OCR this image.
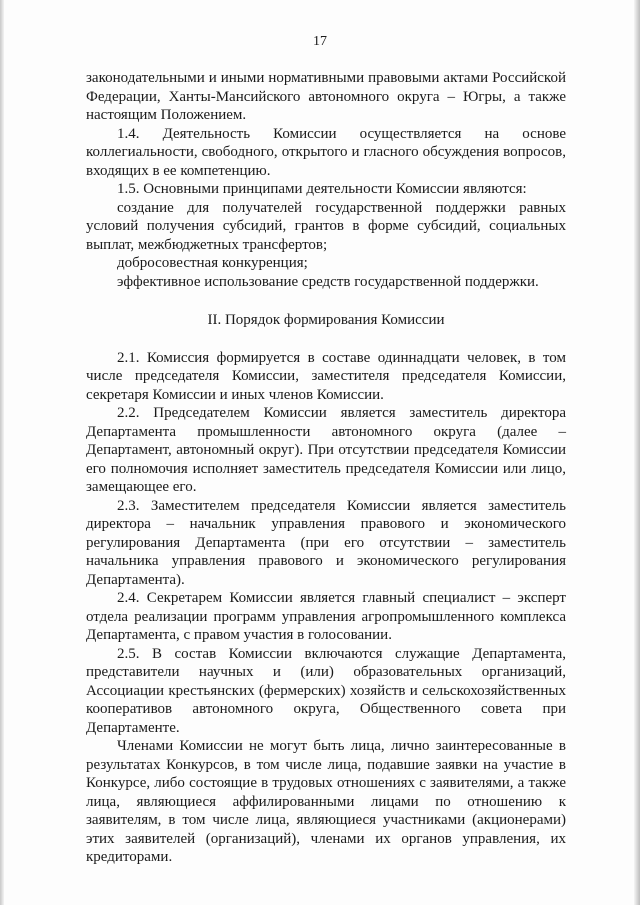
17

законодательными и иными нормативными правовыми актами Российской Федерации, Ханты-Мансийского автономного округа – Югры, а также настоящим Положением.

1.4. Деятельность Комиссии осуществляется на основе коллегиальности, свободного, открытого и гласного обсуждения вопросов, входящих в ее компетенцию.

1.5. Основными принципами деятельности Комиссии являются:

создание для получателей государственной поддержки равных условий получения субсидий, грантов в форме субсидий, социальных выплат, межбюджетных трансфертов;

добросовестная конкуренция;

эффективное использование средств государственной поддержки.

II. Порядок формирования Комиссии

2.1. Комиссия формируется в составе одиннадцати человек, в том числе председателя Комиссии, заместителя председателя Комиссии, секретаря Комиссии и иных членов Комиссии.

2.2. Председателем Комиссии является заместитель директора Департамента промышленности автономного округа (далее – Департамент, автономный округ). При отсутствии председателя Комиссии его полномочия исполняет заместитель председателя Комиссии или лицо, замещающее его.

2.3. Заместителем председателя Комиссии является заместитель директора – начальник управления правового и экономического регулирования Департамента (при его отсутствии – заместитель начальника управления правового и экономического регулирования Департамента).

2.4. Секретарем Комиссии является главный специалист – эксперт отдела реализации программ управления агропромышленного комплекса Департамента, с правом участия в голосовании.

2.5. В состав Комиссии включаются служащие Департамента, представители научных и (или) образовательных организаций, Ассоциации крестьянских (фермерских) хозяйств и сельскохозяйственных кооперативов автономного округа, Общественного совета при Департаменте.

Членами Комиссии не могут быть лица, лично заинтересованные в результатах Конкурсов, в том числе лица, подавшие заявки на участие в Конкурсе, либо состоящие в трудовых отношениях с заявителями, а также лица, являющиеся аффилированными лицами по отношению к заявителям, в том числе лица, являющиеся участниками (акционерами) этих заявителей (организаций), членами их органов управления, их кредиторами.
